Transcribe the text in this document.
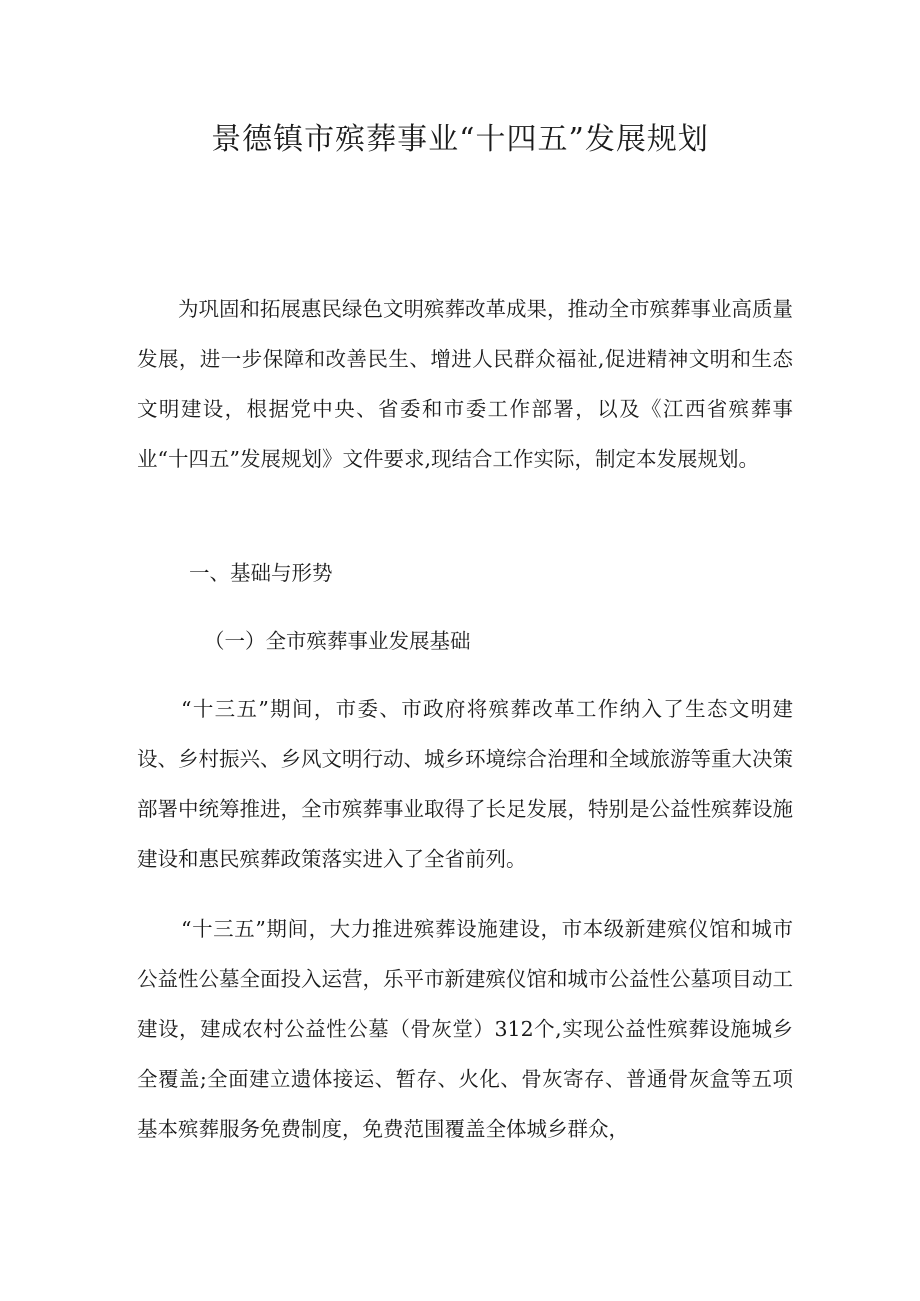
景德镇市殡葬事业“十四五”发展规划

为巩固和拓展惠民绿色文明殡葬改革成果，推动全市殡葬事业高质量发展，进一步保障和改善民生、增进人民群众福祉,促进精神文明和生态文明建设，根据党中央、省委和市委工作部署，以及《江西省殡葬事业“十四五”发展规划》文件要求,现结合工作实际，制定本发展规划。

一、基础与形势

（一）全市殡葬事业发展基础

“十三五”期间，市委、市政府将殡葬改革工作纳入了生态文明建设、乡村振兴、乡风文明行动、城乡环境综合治理和全域旅游等重大决策部署中统筹推进，全市殡葬事业取得了长足发展，特别是公益性殡葬设施建设和惠民殡葬政策落实进入了全省前列。

“十三五”期间，大力推进殡葬设施建设，市本级新建殡仪馆和城市公益性公墓全面投入运营，乐平市新建殡仪馆和城市公益性公墓项目动工建设，建成农村公益性公墓（骨灰堂）312个,实现公益性殡葬设施城乡全覆盖;全面建立遗体接运、暂存、火化、骨灰寄存、普通骨灰盒等五项基本殡葬服务免费制度，免费范围覆盖全体城乡群众，
